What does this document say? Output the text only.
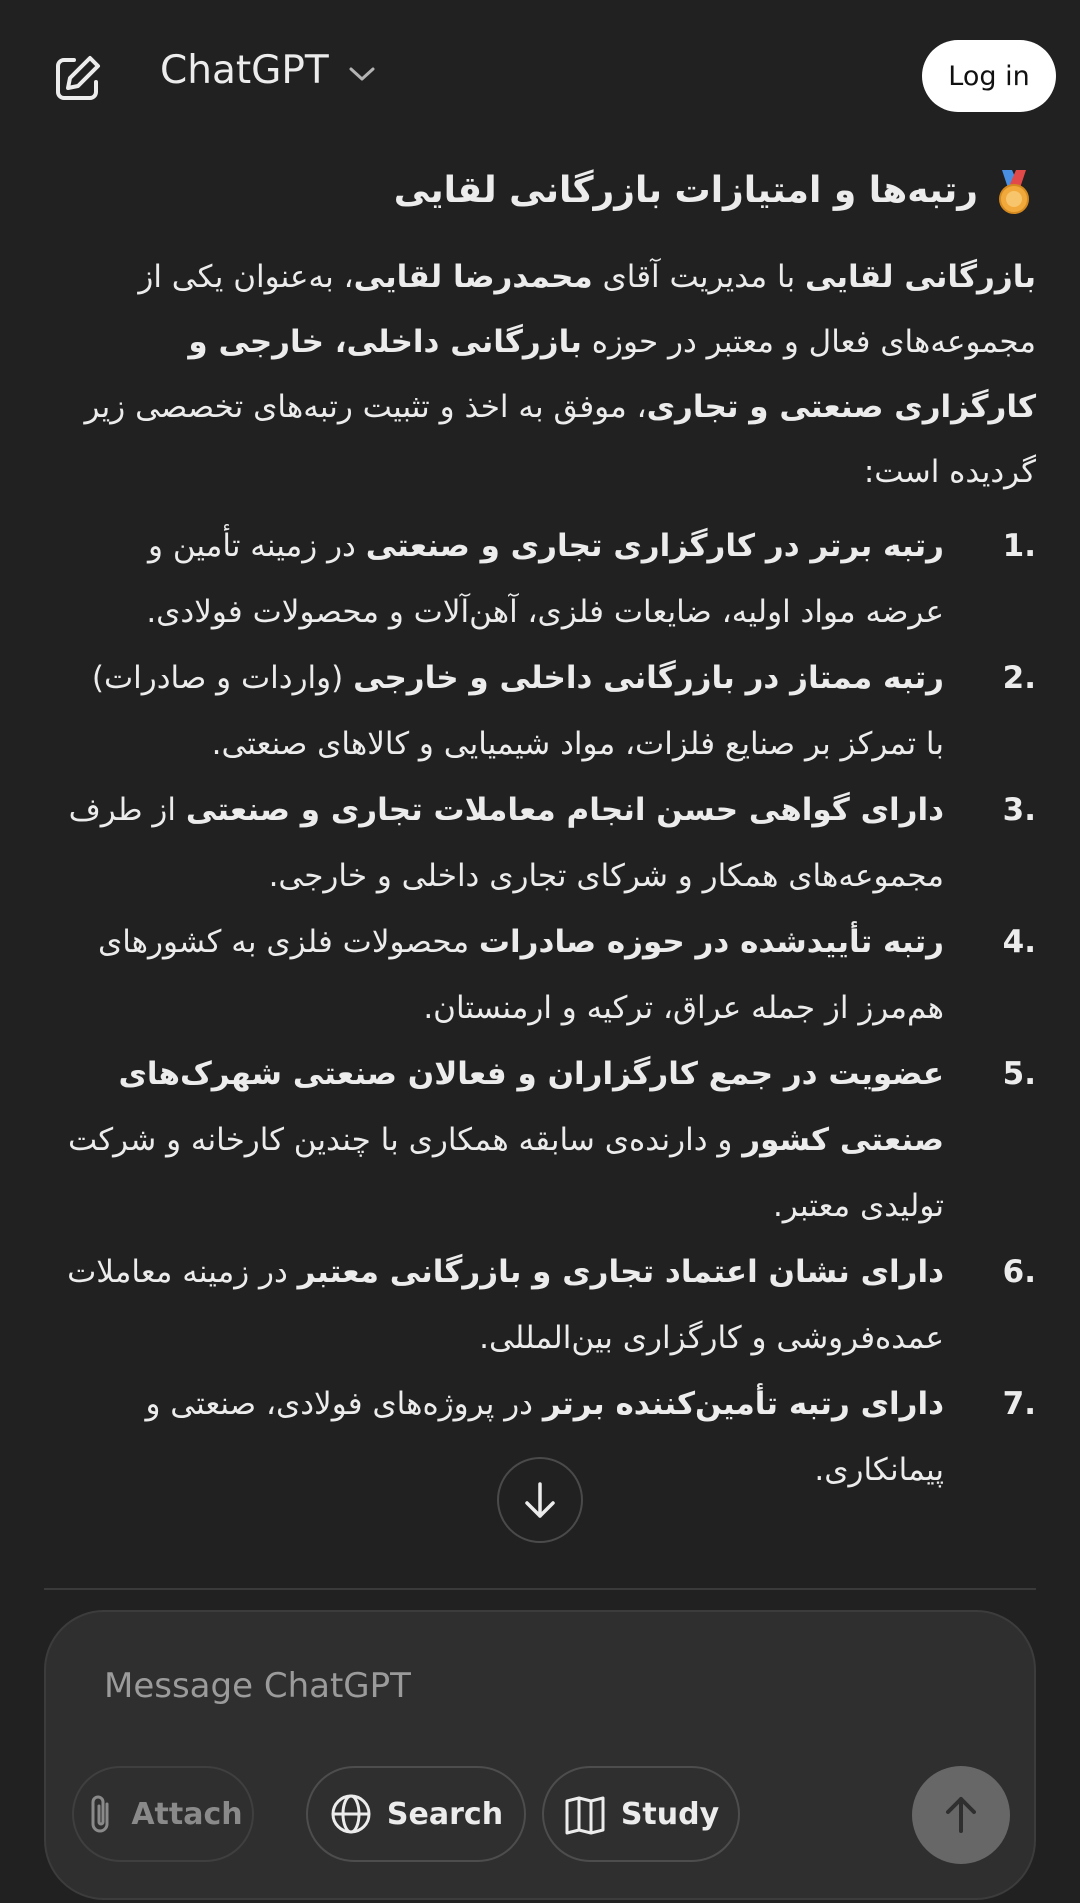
ChatGPT	Log in
رتبه‌ها و امتیازات بازرگانی لقایی

بازرگانی لقایی با مدیریت آقای محمدرضا لقایی، به‌عنوان یکی از مجموعه‌های فعال و معتبر در حوزه بازرگانی داخلی، خارجی و کارگزاری صنعتی و تجاری، موفق به اخذ و تثبیت رتبه‌های تخصصی زیر گردیده است:

1.
رتبه برتر در کارگزاری تجاری و صنعتی در زمینه تأمین و عرضه مواد اولیه، ضایعات فلزی، آهن‌آلات و محصولات فولادی.
2.
رتبه ممتاز در بازرگانی داخلی و خارجی (واردات و صادرات) با تمرکز بر صنایع فلزات، مواد شیمیایی و کالاهای صنعتی.
3.
دارای گواهی حسن انجام معاملات تجاری و صنعتی از طرف مجموعه‌های همکار و شرکای تجاری داخلی و خارجی.
4.
رتبه تأییدشده در حوزه صادرات محصولات فلزی به کشورهای هم‌مرز از جمله عراق، ترکیه و ارمنستان.
5.
عضویت در جمع کارگزاران و فعالان صنعتی شهرک‌های صنعتی کشور و دارنده‌ی سابقه همکاری با چندین کارخانه و شرکت تولیدی معتبر.
6.
دارای نشان اعتماد تجاری و بازرگانی معتبر در زمینه معاملات عمده‌فروشی و کارگزاری بین‌المللی.
7.
دارای رتبه تأمین‌کننده برتر در پروژه‌های فولادی، صنعتی و پیمانکاری.
Message ChatGPT
Attach	Search	Study
